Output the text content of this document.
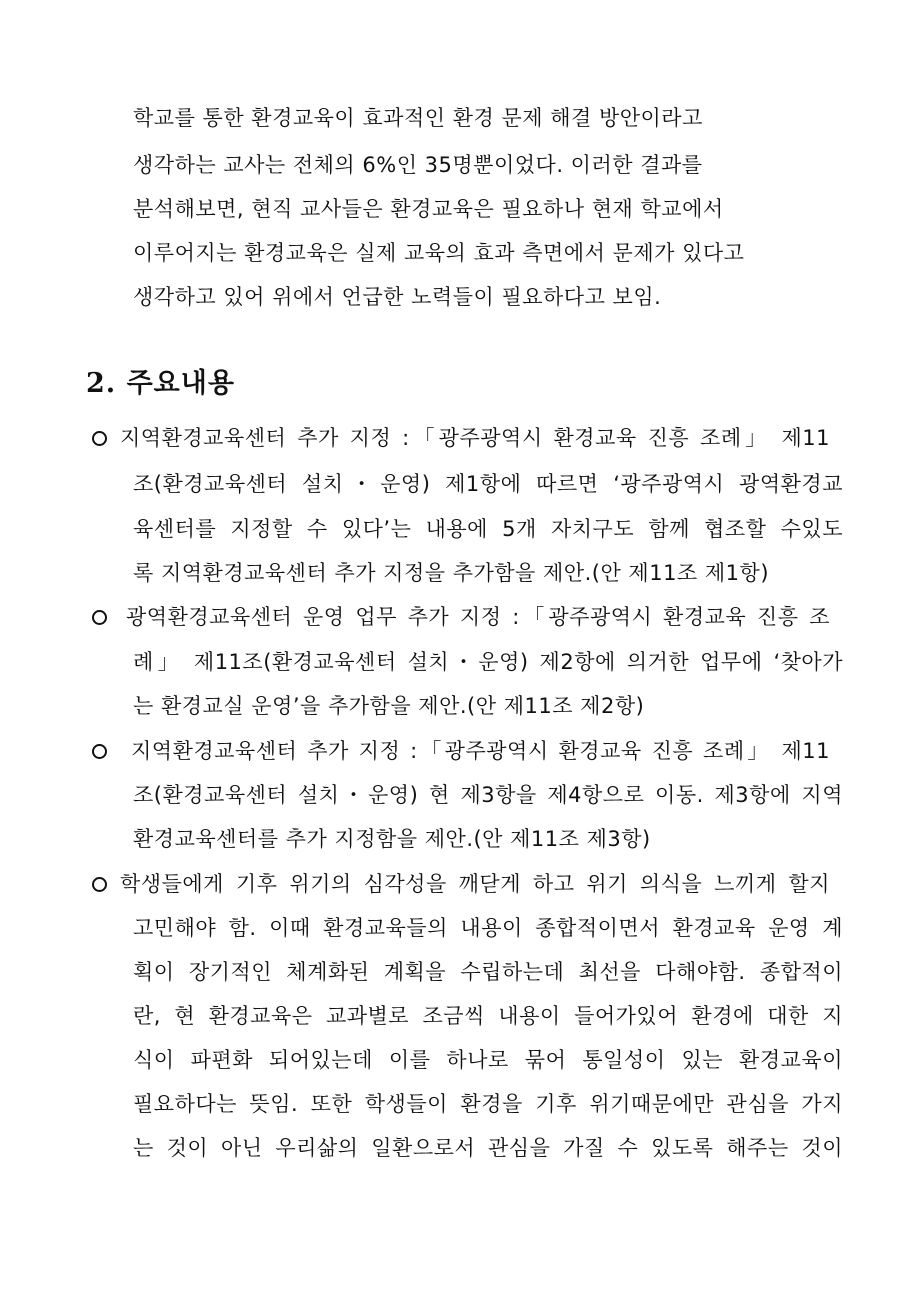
학교를 통한 환경교육이 효과적인 환경 문제 해결 방안이라고
생각하는 교사는 전체의 6%인 35명뿐이었다. 이러한 결과를
분석해보면, 현직 교사들은 환경교육은 필요하나 현재 학교에서
이루어지는 환경교육은 실제 교육의 효과 측면에서 문제가 있다고
생각하고 있어 위에서 언급한 노력들이 필요하다고 보임.
2. 주요내용
지역환경교육센터 추가 지정 :「광주광역시 환경교육 진흥 조례」 제11
조(환경교육센터 설치・운영) 제1항에 따르면 ‘광주광역시 광역환경교
육센터를 지정할 수 있다’는 내용에 5개 자치구도 함께 협조할 수있도
록 지역환경교육센터 추가 지정을 추가함을 제안.(안 제11조 제1항)
광역환경교육센터 운영 업무 추가 지정 :「광주광역시 환경교육 진흥 조
례」 제11조(환경교육센터 설치・운영) 제2항에 의거한 업무에 ‘찾아가
는 환경교실 운영’을 추가함을 제안.(안 제11조 제2항)
지역환경교육센터 추가 지정 :「광주광역시 환경교육 진흥 조례」 제11
조(환경교육센터 설치・운영) 현 제3항을 제4항으로 이동. 제3항에 지역
환경교육센터를 추가 지정함을 제안.(안 제11조 제3항)
학생들에게 기후 위기의 심각성을 깨닫게 하고 위기 의식을 느끼게 할지
고민해야 함. 이때 환경교육들의 내용이 종합적이면서 환경교육 운영 계
획이 장기적인 체계화된 계획을 수립하는데 최선을 다해야함. 종합적이
란, 현 환경교육은 교과별로 조금씩 내용이 들어가있어 환경에 대한 지
식이 파편화 되어있는데 이를 하나로 묶어 통일성이 있는 환경교육이
필요하다는 뜻임. 또한 학생들이 환경을 기후 위기때문에만 관심을 가지
는 것이 아닌 우리삶의 일환으로서 관심을 가질 수 있도록 해주는 것이
